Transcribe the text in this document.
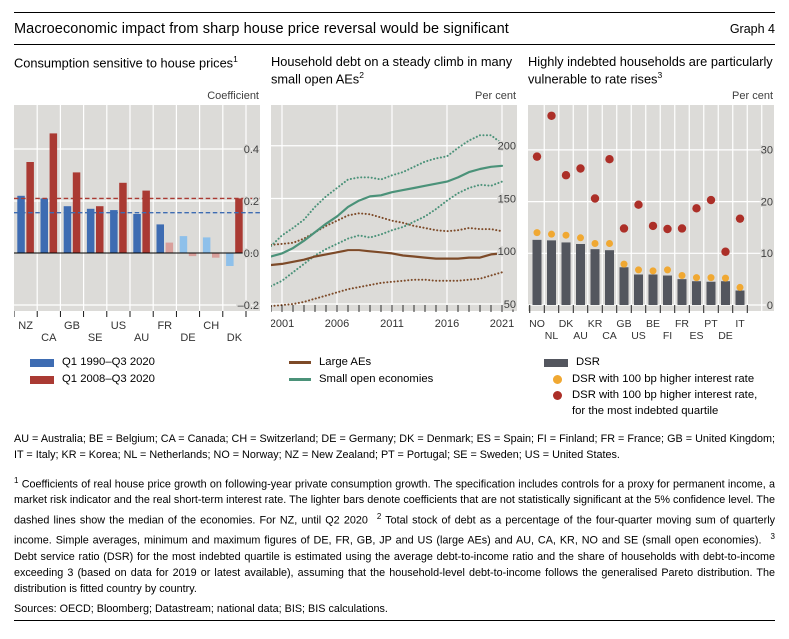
Macroeconomic impact from sharp house price reversal would be significant	Graph 4
Consumption sensitive to house prices$^1$
Coefficient
0.4
0.2
0.0
–0.2
NZ
CA
GB
SE
US
AU
FR
DE
CH
DK
Q1 1990–Q3 2020
Q1 2008–Q3 2020
Household debt on a steady climb in many small open AEs$^2$
Per cent
200
150
100
50
2001	2006	2011	2016	2021
Large AEs
Small open economies
Highly indebted households are particularly vulnerable to rate rises$^3$
Per cent
30
20
10
0
NO
NL
DK
AU
KR
CA
GB
US
BE
FI
FR
ES
PT
DE
IT
DSR
DSR with 100 bp higher interest rate
DSR with 100 bp higher interest rate,
for the most indebted quartile

AU = Australia; BE = Belgium; CA = Canada; CH = Switzerland; DE = Germany; DK = Denmark; ES = Spain; FI = Finland; FR = France; GB = United Kingdom; IT = Italy; KR = Korea; NL = Netherlands; NO = Norway; NZ = New Zealand; PT = Portugal; SE = Sweden; US = United States.

$^1$ Coefficients of real house price growth on following-year private consumption growth. The specification includes controls for a proxy for permanent income, a market risk indicator and the real short-term interest rate. The lighter bars denote coefficients that are not statistically significant at the 5% confidence level. The dashed lines show the median of the economies. For NZ, until Q2 2020 $^2$ Total stock of debt as a percentage of the four-quarter moving sum of quarterly income. Simple averages, minimum and maximum figures of DE, FR, GB, JP and US (large AEs) and AU, CA, KR, NO and SE (small open economies). $^3$ Debt service ratio (DSR) for the most indebted quartile is estimated using the average debt-to-income ratio and the share of households with debt-to-income exceeding 3 (based on data for 2019 or latest available), assuming that the household-level debt-to-income follows the generalised Pareto distribution. The distribution is fitted country by country.

Sources: OECD; Bloomberg; Datastream; national data; BIS; BIS calculations.
